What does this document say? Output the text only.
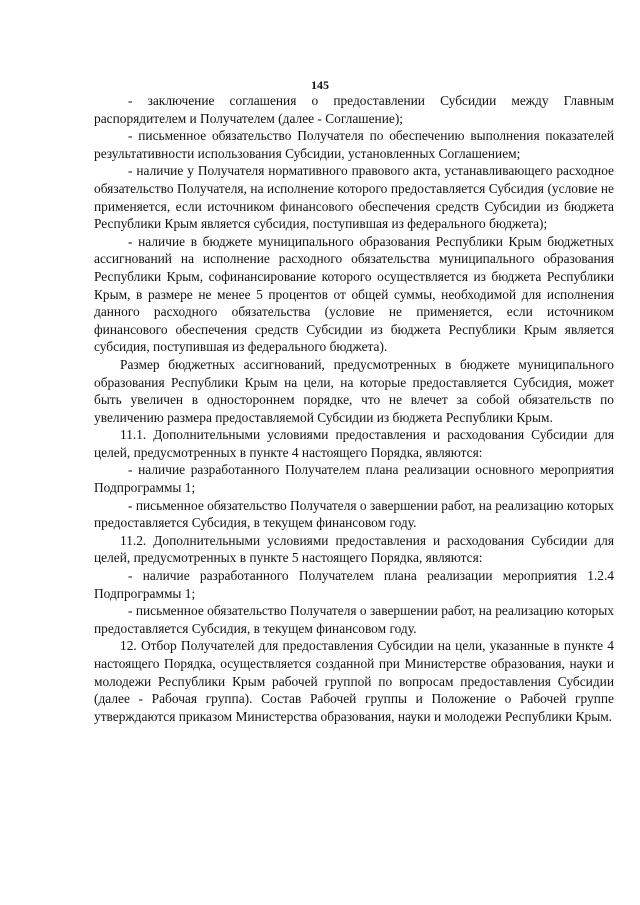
145

- заключение соглашения о предоставлении Субсидии между Главным распорядителем и Получателем (далее - Соглашение);

- письменное обязательство Получателя по обеспечению выполнения показателей результативности использования Субсидии, установленных Соглашением;

- наличие у Получателя нормативного правового акта, устанавливающего расходное обязательство Получателя, на исполнение которого предоставляется Субсидия (условие не применяется, если источником финансового обеспечения средств Субсидии из бюджета Республики Крым является субсидия, поступившая из федерального бюджета);

- наличие в бюджете муниципального образования Республики Крым бюджетных ассигнований на исполнение расходного обязательства муниципального образования Республики Крым, софинансирование которого осуществляется из бюджета Республики Крым, в размере не менее 5 процентов от общей суммы, необходимой для исполнения данного расходного обязательства (условие не применяется, если источником финансового обеспечения средств Субсидии из бюджета Республики Крым является субсидия, поступившая из федерального бюджета).

Размер бюджетных ассигнований, предусмотренных в бюджете муниципального образования Республики Крым на цели, на которые предоставляется Субсидия, может быть увеличен в одностороннем порядке, что не влечет за собой обязательств по увеличению размера предоставляемой Субсидии из бюджета Республики Крым.

11.1. Дополнительными условиями предоставления и расходования Субсидии для целей, предусмотренных в пункте 4 настоящего Порядка, являются:

- наличие разработанного Получателем плана реализации основного мероприятия Подпрограммы 1;

- письменное обязательство Получателя о завершении работ, на реализацию которых предоставляется Субсидия, в текущем финансовом году.

11.2. Дополнительными условиями предоставления и расходования Субсидии для целей, предусмотренных в пункте 5 настоящего Порядка, являются:

- наличие разработанного Получателем плана реализации мероприятия 1.2.4 Подпрограммы 1;

- письменное обязательство Получателя о завершении работ, на реализацию которых предоставляется Субсидия, в текущем финансовом году.

12. Отбор Получателей для предоставления Субсидии на цели, указанные в пункте 4 настоящего Порядка, осуществляется созданной при Министерстве образования, науки и молодежи Республики Крым рабочей группой по вопросам предоставления Субсидии (далее - Рабочая группа). Состав Рабочей группы и Положение о Рабочей группе утверждаются приказом Министерства образования, науки и молодежи Республики Крым.
